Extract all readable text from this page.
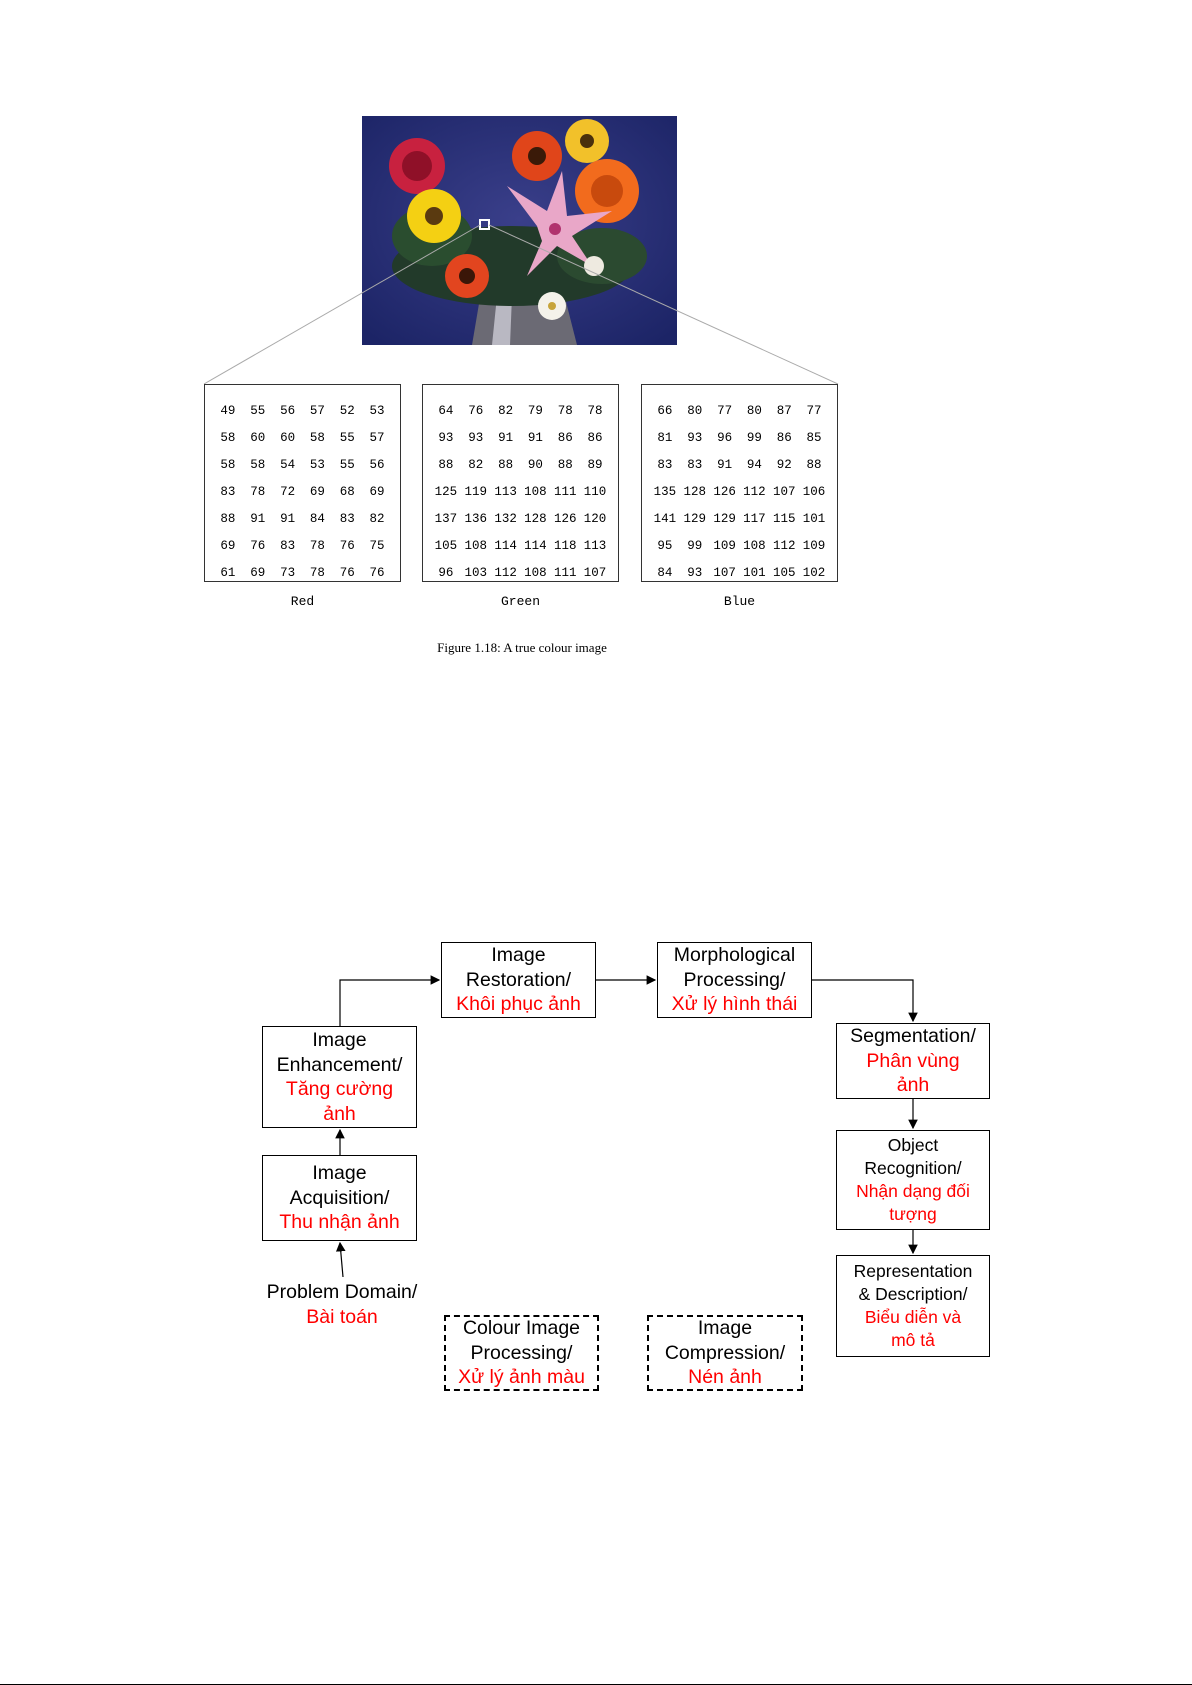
49	55	56	57	52	53
58	60	60	58	55	57
58	58	54	53	55	56
83	78	72	69	68	69
88	91	91	84	83	82
69	76	83	78	76	75
61	69	73	78	76	76
64	76	82	79	78	78
93	93	91	91	86	86
88	82	88	90	88	89
125 119 113 108 111 110
137 136 132 128 126 120
105 108 114 114 118 113
96 103 112 108 111 107
66	80	77	80	87	77
81	93	96	99	86	85
83	83	91	94	92	88
135 128 126 112 107 106
141 129 129 117 115 101
95	99 109 108 112 109
84	93 107 101 105 102
Red	Green	Blue
Figure 1.18: A true colour image
Problem Domain/
Bài toán
Image
Acquisition/
Thu nhận ảnh
Image
Enhancement/
Tăng cường
ảnh
Image
Restoration/
Khôi phục ảnh
Morphological
Processing/
Xử lý hình thái
Segmentation/
Phân vùng
ảnh
Object
Recognition/
Nhận dạng đối
tượng
Representation
& Description/
Biểu diễn và
mô tả
Colour Image
Processing/
Xử lý ảnh màu
Image
Compression/
Nén ảnh
